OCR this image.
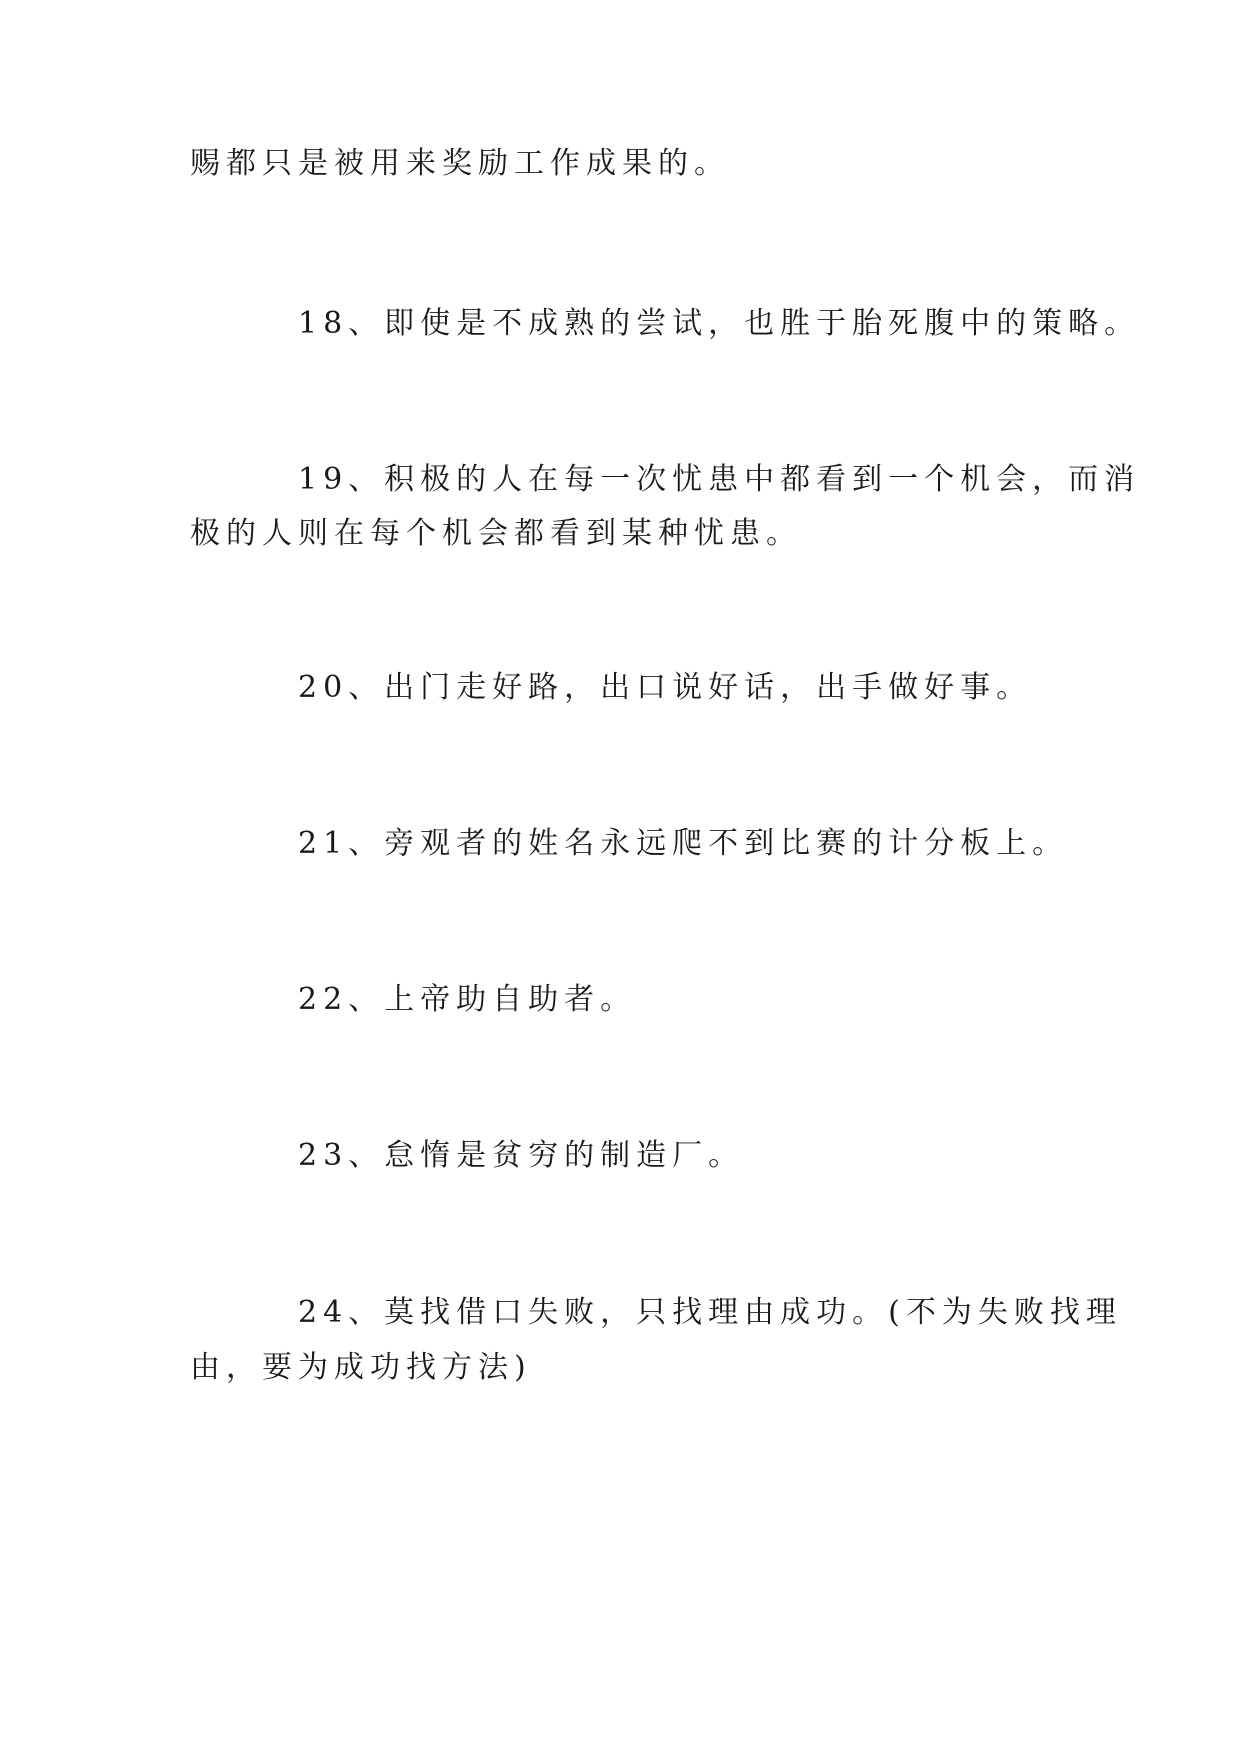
赐都只是被用来奖励工作成果的。
18、即使是不成熟的尝试，也胜于胎死腹中的策略。
19、积极的人在每一次忧患中都看到一个机会，而消
极的人则在每个机会都看到某种忧患。
20、出门走好路，出口说好话，出手做好事。
21、旁观者的姓名永远爬不到比赛的计分板上。
22、上帝助自助者。
23、怠惰是贫穷的制造厂。
24、莫找借口失败，只找理由成功。(不为失败找理
由，要为成功找方法)
